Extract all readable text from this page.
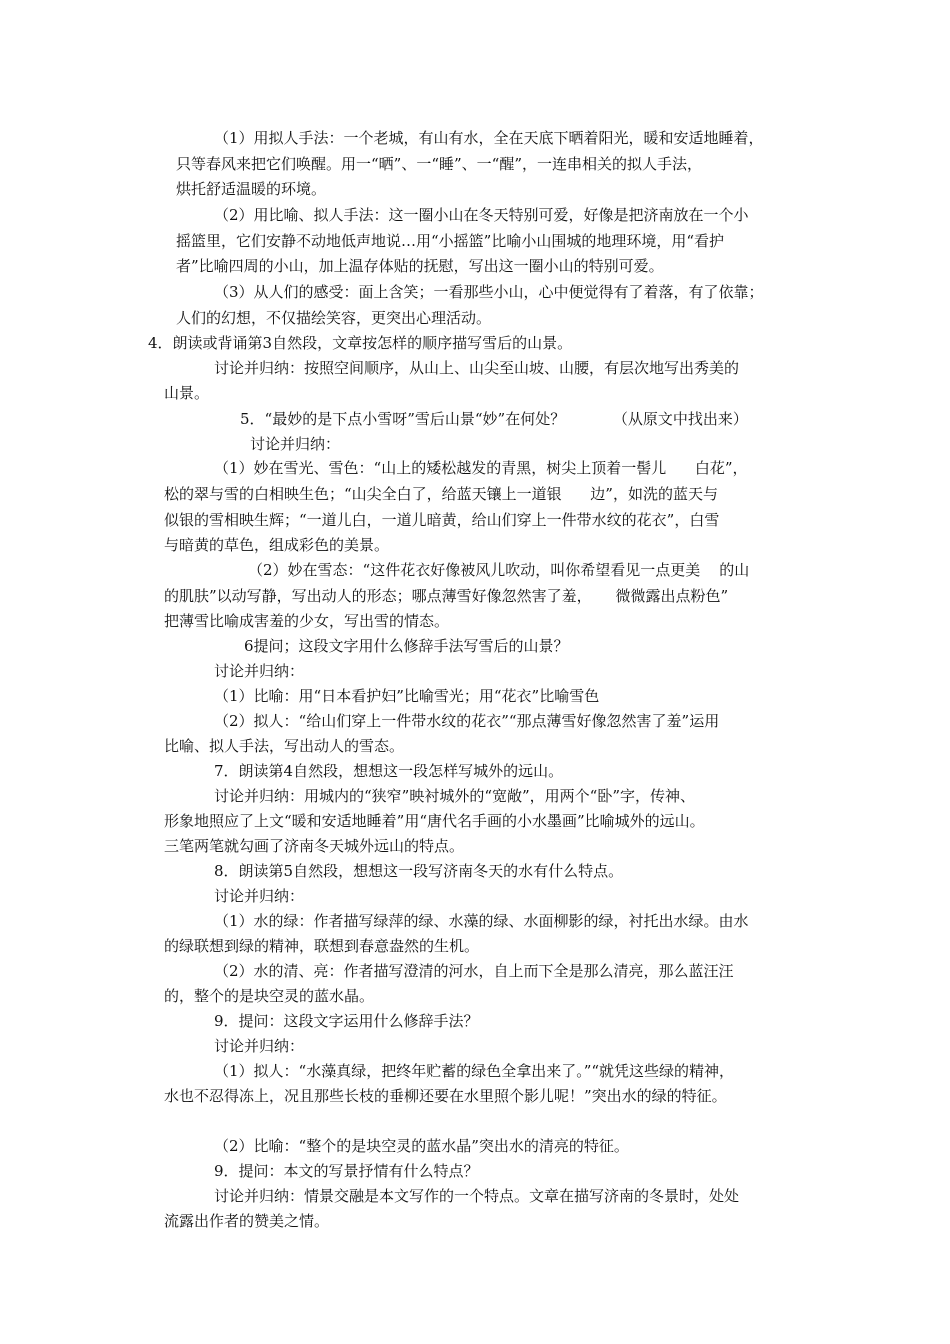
（1）用拟人手法：一个老城，有山有水，全在天底下晒着阳光，暖和安适地睡着，
只等春风来把它们唤醒。用一“晒”、一“睡”、一“醒”，一连串相关的拟人手法，
烘托舒适温暖的环境。
（2）用比喻、拟人手法：这一圈小山在冬天特别可爱，好像是把济南放在一个小
摇篮里，它们安静不动地低声地说…用“小摇篮”比喻小山围城的地理环境，用“看护
者”比喻四周的小山，加上温存体贴的抚慰，写出这一圈小山的特别可爱。
（3）从人们的感受：面上含笑；一看那些小山，心中便觉得有了着落，有了依靠；
人们的幻想，不仅描绘笑容，更突出心理活动。
4．朗读或背诵第3自然段，文章按怎样的顺序描写雪后的山景。
讨论并归纳：按照空间顺序，从山上、山尖至山坡、山腰，有层次地写出秀美的
山景。
5．“最妙的是下点小雪呀”雪后山景“妙”在何处？          （从原文中找出来）
讨论并归纳：
（1）妙在雪光、雪色：“山上的矮松越发的青黑，树尖上顶着一髻儿      白花”，
松的翠与雪的白相映生色；“山尖全白了，给蓝天镶上一道银      边”，如洗的蓝天与
似银的雪相映生辉；“一道儿白，一道儿暗黄，给山们穿上一件带水纹的花衣”，白雪
与暗黄的草色，组成彩色的美景。
（2）妙在雪态：“这件花衣好像被风儿吹动，叫你希望看见一点更美    的山
的肌肤”以动写静，写出动人的形态；哪点薄雪好像忽然害了羞，     微微露出点粉色”
把薄雪比喻成害羞的少女，写出雪的情态。
6提问；这段文字用什么修辞手法写雪后的山景？
讨论并归纳：
（1）比喻：用“日本看护妇”比喻雪光；用“花衣”比喻雪色
（2）拟人：“给山们穿上一件带水纹的花衣”“那点薄雪好像忽然害了羞”运用
比喻、拟人手法，写出动人的雪态。
7．朗读第4自然段，想想这一段怎样写城外的远山。
讨论并归纳：用城内的“狭窄”映衬城外的“宽敞”，用两个“卧”字，传神、
形象地照应了上文“暖和安适地睡着”用“唐代名手画的小水墨画”比喻城外的远山。
三笔两笔就勾画了济南冬天城外远山的特点。
8．朗读第5自然段，想想这一段写济南冬天的水有什么特点。
讨论并归纳：
（1）水的绿：作者描写绿萍的绿、水藻的绿、水面柳影的绿，衬托出水绿。由水
的绿联想到绿的精神，联想到春意盎然的生机。
（2）水的清、亮：作者描写澄清的河水，自上而下全是那么清亮，那么蓝汪汪
的，整个的是块空灵的蓝水晶。
9．提问：这段文字运用什么修辞手法？
讨论并归纳：
（1）拟人：“水藻真绿，把终年贮蓄的绿色全拿出来了。”“就凭这些绿的精神，
水也不忍得冻上，况且那些长枝的垂柳还要在水里照个影儿呢！”突出水的绿的特征。
（2）比喻：“整个的是块空灵的蓝水晶”突出水的清亮的特征。
9．提问：本文的写景抒情有什么特点？
讨论并归纳：情景交融是本文写作的一个特点。文章在描写济南的冬景时，处处
流露出作者的赞美之情。
